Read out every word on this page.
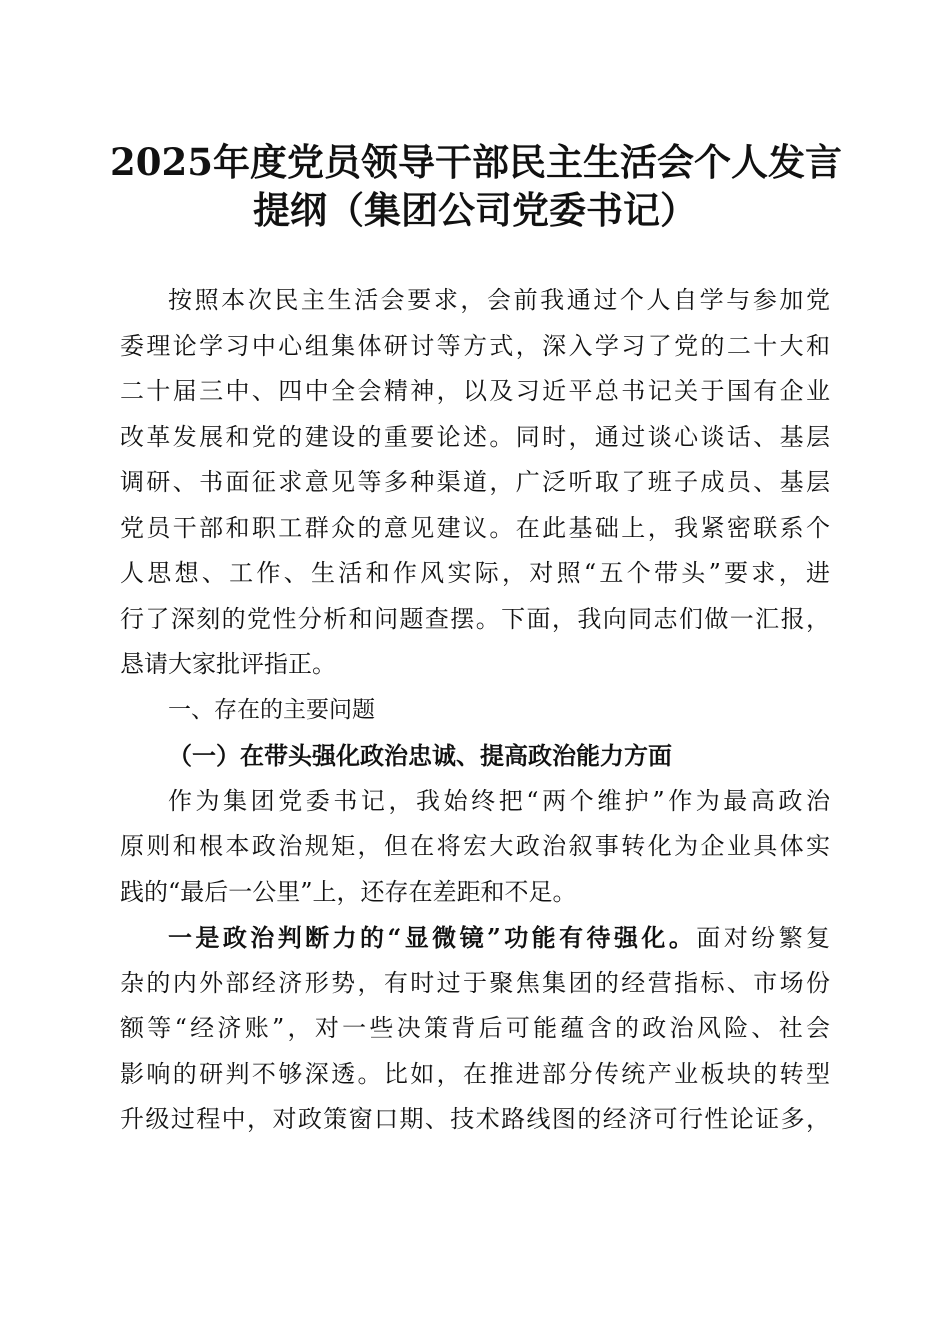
2025年度党员领导干部民主生活会个人发言
提纲（集团公司党委书记）
按照本次民主生活会要求，会前我通过个人自学与参加党
委理论学习中心组集体研讨等方式，深入学习了党的二十大和
二十届三中、四中全会精神，以及习近平总书记关于国有企业
改革发展和党的建设的重要论述。同时，通过谈心谈话、基层
调研、书面征求意见等多种渠道，广泛听取了班子成员、基层
党员干部和职工群众的意见建议。在此基础上，我紧密联系个
人思想、工作、生活和作风实际，对照“五个带头”要求，进
行了深刻的党性分析和问题查摆。下面，我向同志们做一汇报，
恳请大家批评指正。
一、存在的主要问题
（一）在带头强化政治忠诚、提高政治能力方面
作为集团党委书记，我始终把“两个维护”作为最高政治
原则和根本政治规矩，但在将宏大政治叙事转化为企业具体实
践的“最后一公里”上，还存在差距和不足。
一是政治判断力的“显微镜”功能有待强化。面对纷繁复
杂的内外部经济形势，有时过于聚焦集团的经营指标、市场份
额等“经济账”，对一些决策背后可能蕴含的政治风险、社会
影响的研判不够深透。比如，在推进部分传统产业板块的转型
升级过程中，对政策窗口期、技术路线图的经济可行性论证多，
